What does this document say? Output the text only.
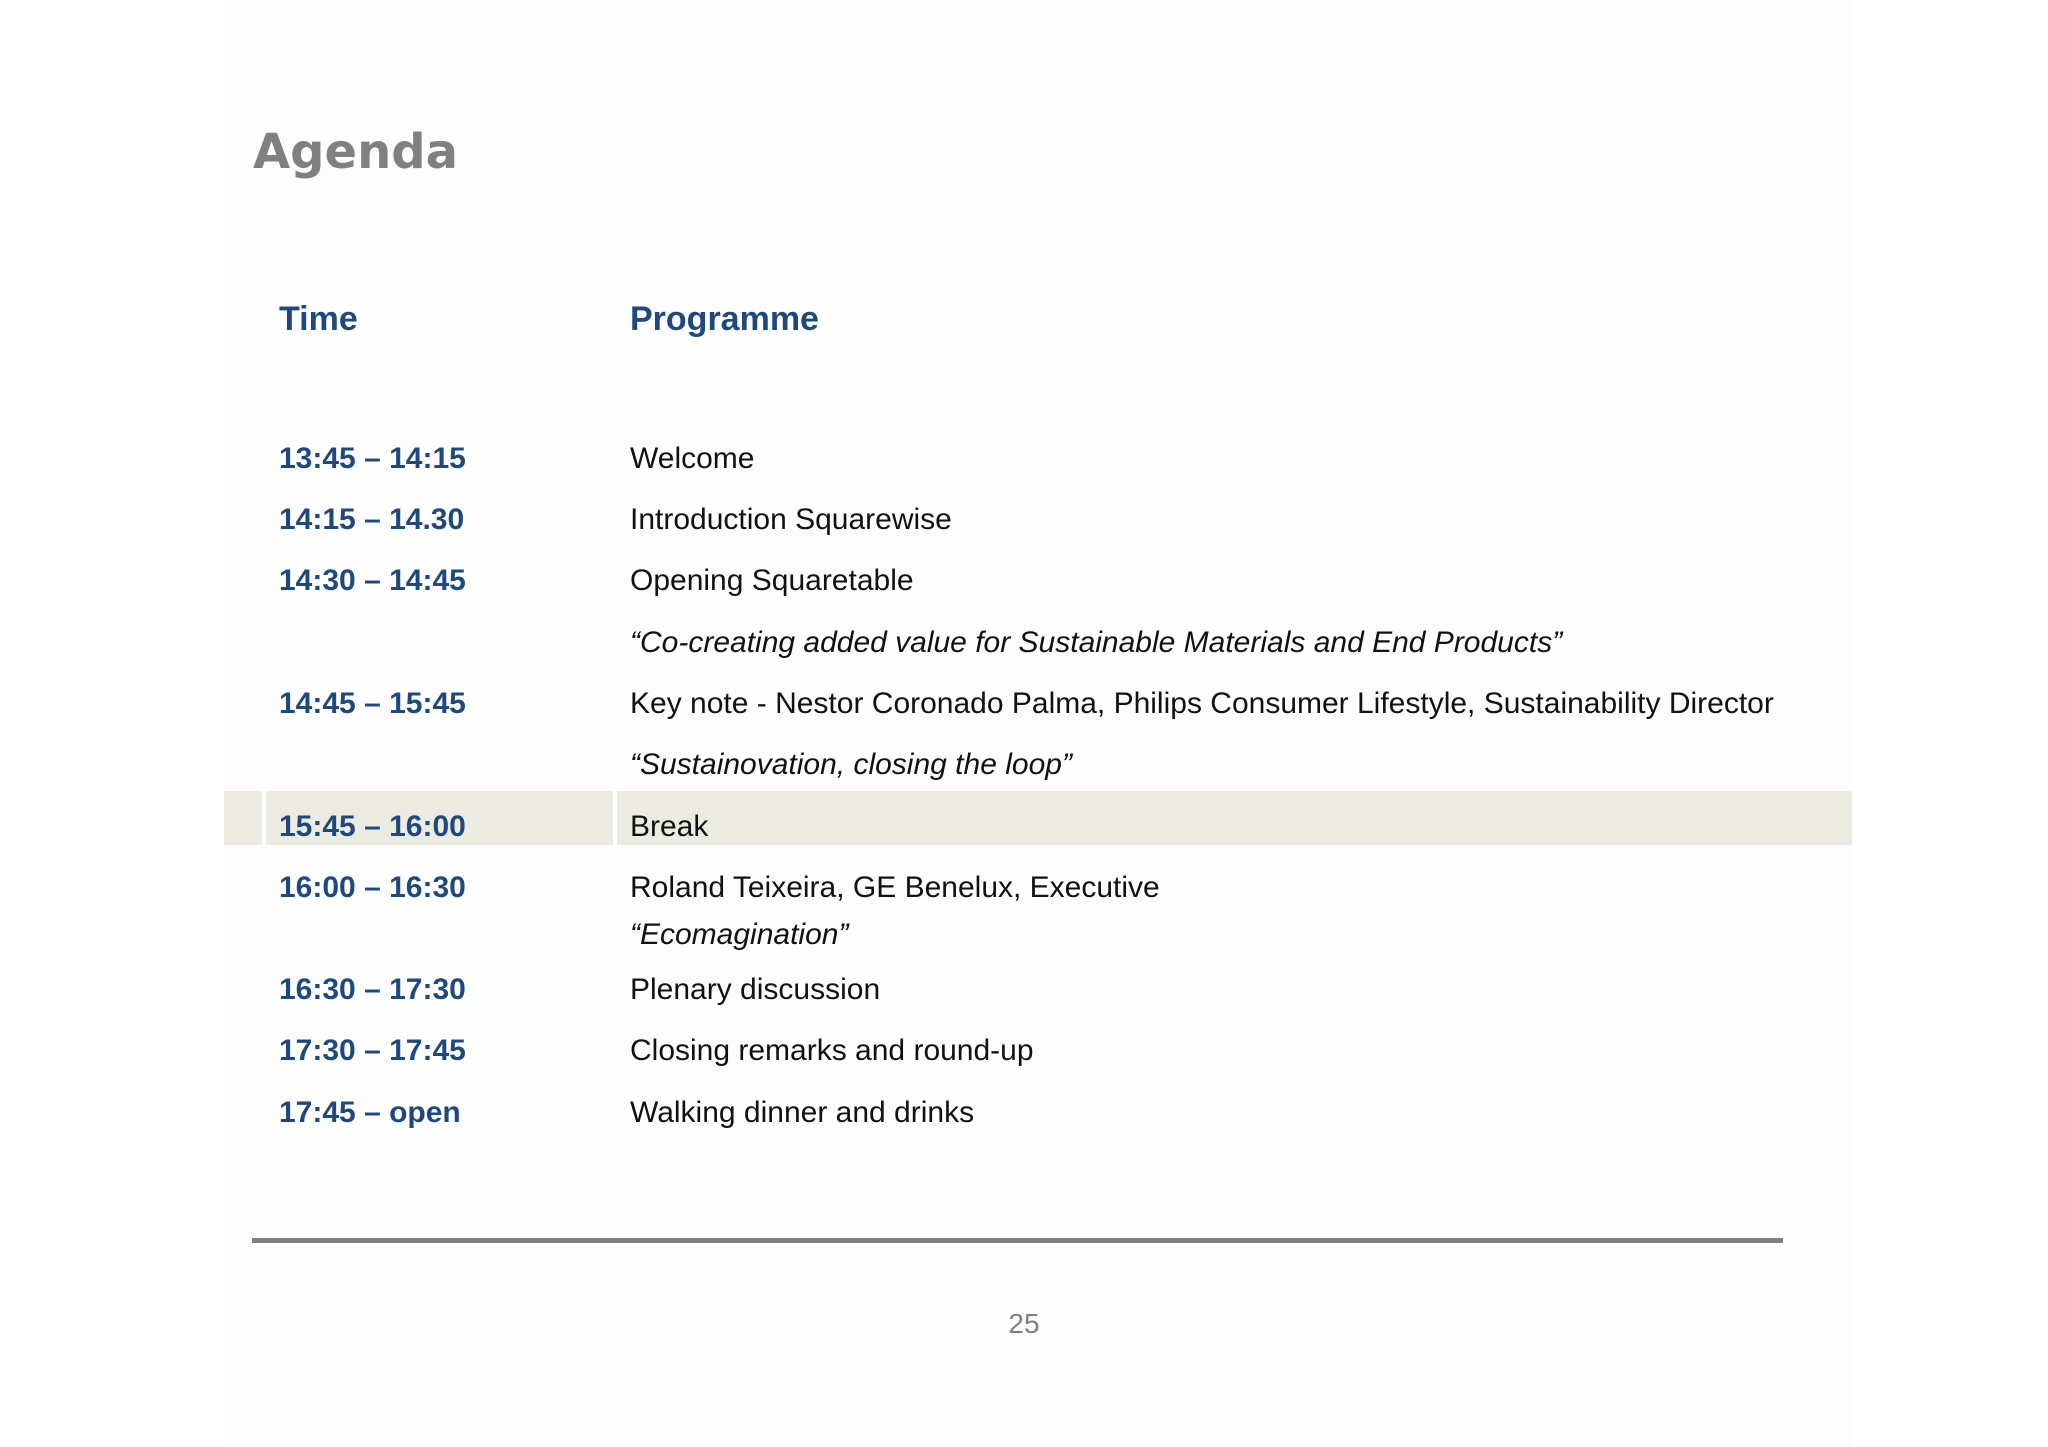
Agenda
Time	Programme
13:45 – 14:15	Welcome
14:15 – 14.30	Introduction Squarewise
14:30 – 14:45	Opening Squaretable
“Co-creating added value for Sustainable Materials and End Products”
14:45 – 15:45	Key note - Nestor Coronado Palma, Philips Consumer Lifestyle, Sustainability Director
“Sustainovation, closing the loop”
15:45 – 16:00	Break
16:00 – 16:30	Roland Teixeira, GE Benelux, Executive
“Ecomagination”
16:30 – 17:30	Plenary discussion
17:30 – 17:45	Closing remarks and round-up
17:45 – open	Walking dinner and drinks
25
